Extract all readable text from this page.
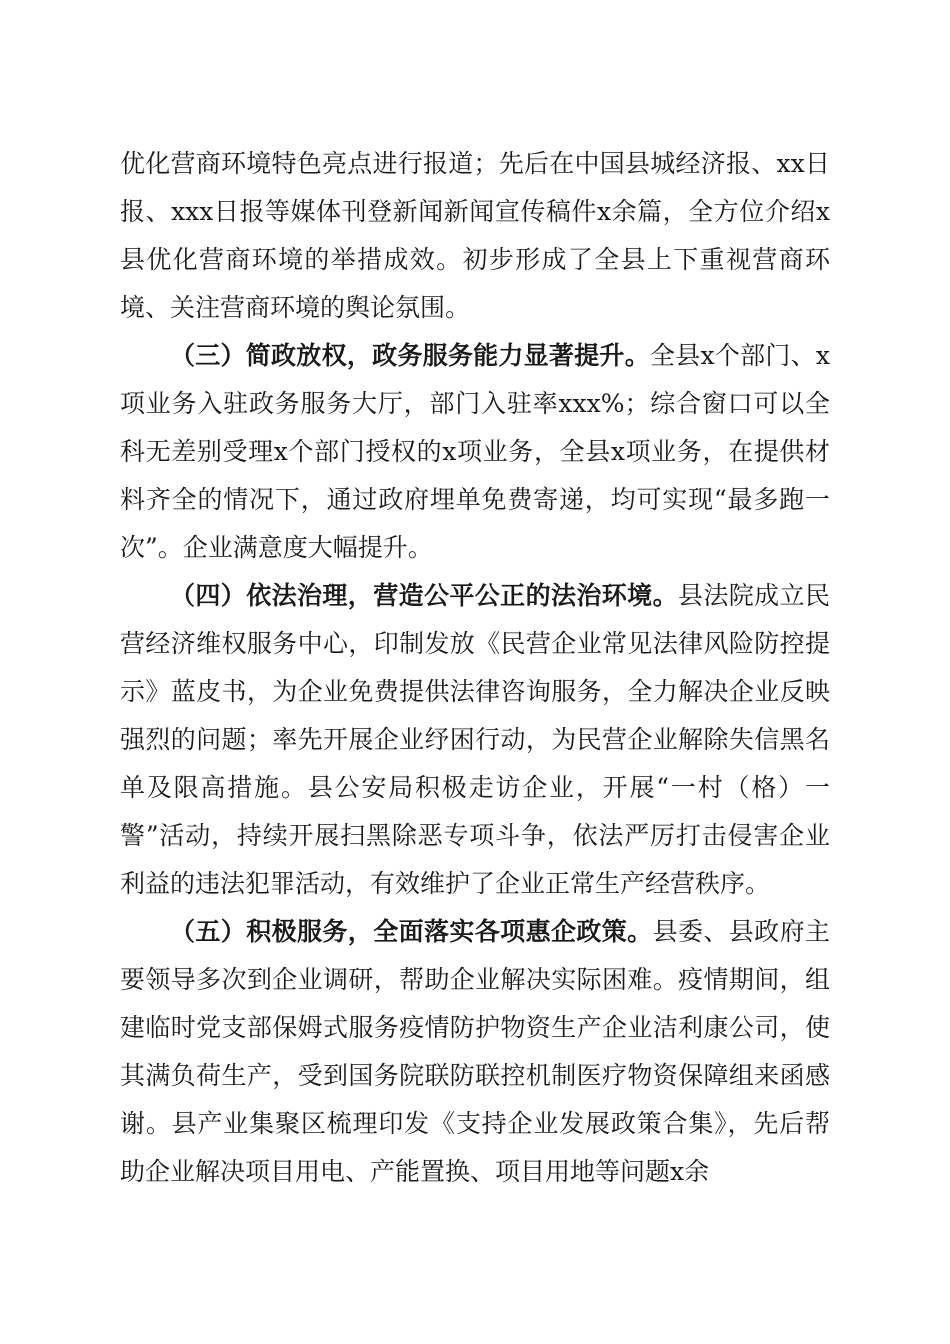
优化营商环境特色亮点进行报道；先后在中国县城经济报、xx日报、xxx日报等媒体刊登新闻新闻宣传稿件x余篇，全方位介绍x县优化营商环境的举措成效。初步形成了全县上下重视营商环境、关注营商环境的舆论氛围。

（三）简政放权，政务服务能力显著提升。全县x个部门、x项业务入驻政务服务大厅，部门入驻率xxx%；综合窗口可以全科无差别受理x个部门授权的x项业务，全县x项业务，在提供材料齐全的情况下，通过政府埋单免费寄递，均可实现“最多跑一次”。企业满意度大幅提升。

（四）依法治理，营造公平公正的法治环境。县法院成立民营经济维权服务中心，印制发放《民营企业常见法律风险防控提示》蓝皮书，为企业免费提供法律咨询服务，全力解决企业反映强烈的问题；率先开展企业纾困行动，为民营企业解除失信黑名单及限高措施。县公安局积极走访企业，开展“一村（格）一警”活动，持续开展扫黑除恶专项斗争，依法严厉打击侵害企业利益的违法犯罪活动，有效维护了企业正常生产经营秩序。

（五）积极服务，全面落实各项惠企政策。县委、县政府主要领导多次到企业调研，帮助企业解决实际困难。疫情期间，组建临时党支部保姆式服务疫情防护物资生产企业洁利康公司，使其满负荷生产，受到国务院联防联控机制医疗物资保障组来函感谢。县产业集聚区梳理印发《支持企业发展政策合集》，先后帮助企业解决项目用电、产能置换、项目用地等问题x余
